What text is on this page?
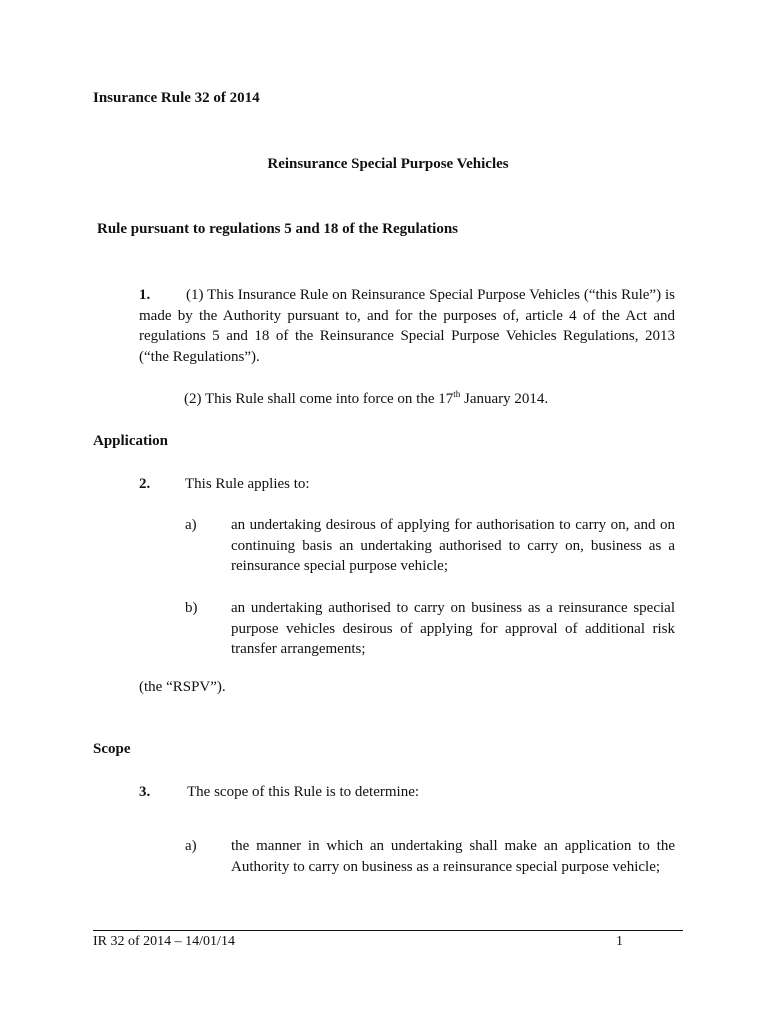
Insurance Rule 32 of 2014
Reinsurance Special Purpose Vehicles
Rule pursuant to regulations 5 and 18 of the Regulations
1.	(1) This Insurance Rule on Reinsurance Special Purpose Vehicles (“this Rule”) is made by the Authority pursuant to, and for the purposes of, article 4 of the Act and regulations 5 and 18 of the Reinsurance Special Purpose Vehicles Regulations, 2013 (“the Regulations”).
(2) This Rule shall come into force on the 17th January 2014.
Application
2. This Rule applies to:
a) an undertaking desirous of applying for authorisation to carry on, and on continuing basis an undertaking authorised to carry on, business as a reinsurance special purpose vehicle;
b) an undertaking authorised to carry on business as a reinsurance special purpose vehicles desirous of applying for approval of additional risk transfer arrangements;
(the “RSPV”).
Scope
3. The scope of this Rule is to determine:
a) the manner in which an undertaking shall make an application to the Authority to carry on business as a reinsurance special purpose vehicle;
IR 32 of 2014 – 14/01/14	1
